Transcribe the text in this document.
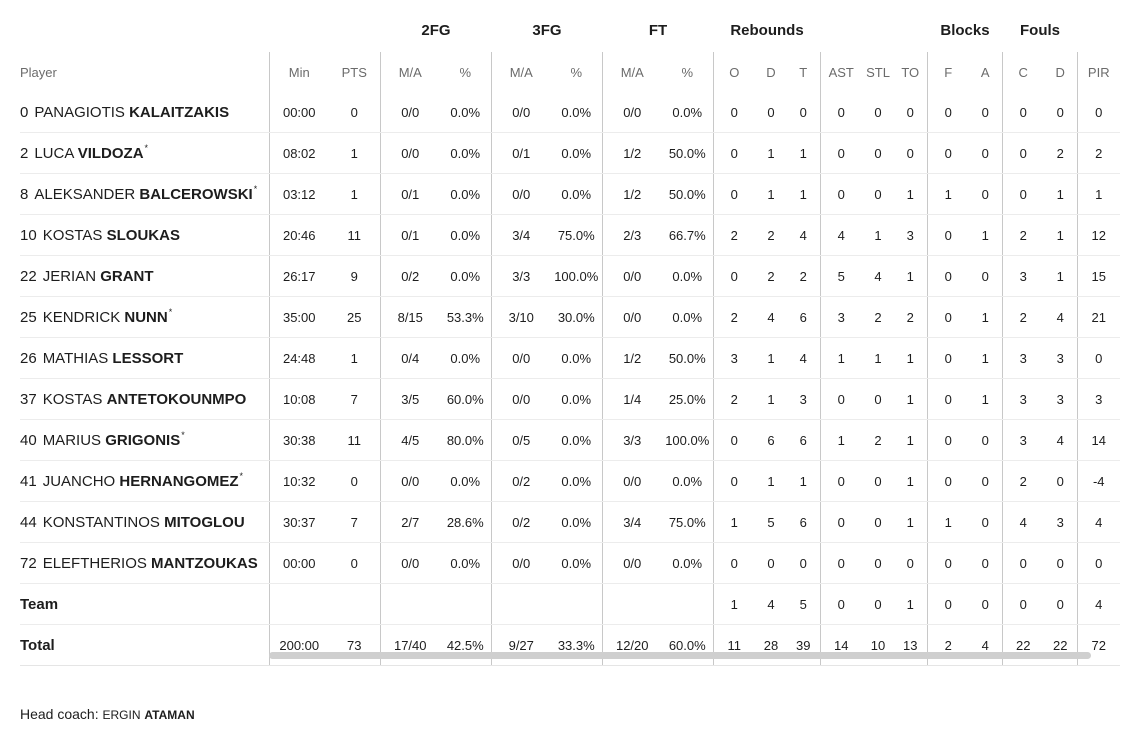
2FG	3FG	FT	Rebounds	Blocks	Fouls
Player	Min	PTS	M/A	%	M/A	%	M/A	%	O	D	T	AST	STL	TO	F	A	C	D	PIR
0 PANAGIOTIS KALAITZAKIS	00:00	0	0/0	0.0%	0/0	0.0%	0/0	0.0%	0	0	0	0	0	0	0	0	0	0	0
2 LUCA VILDOZA*	08:02	1	0/0	0.0%	0/1	0.0%	1/2	50.0%	0	1	1	0	0	0	0	0	0	2	2
8 ALEKSANDER BALCEROWSKI*	03:12	1	0/1	0.0%	0/0	0.0%	1/2	50.0%	0	1	1	0	0	1	1	0	0	1	1
10 KOSTAS SLOUKAS	20:46	11	0/1	0.0%	3/4	75.0%	2/3	66.7%	2	2	4	4	1	3	0	1	2	1	12
22 JERIAN GRANT	26:17	9	0/2	0.0%	3/3	100.0%	0/0	0.0%	0	2	2	5	4	1	0	0	3	1	15
25 KENDRICK NUNN*	35:00	25	8/15	53.3%	3/10	30.0%	0/0	0.0%	2	4	6	3	2	2	0	1	2	4	21
26 MATHIAS LESSORT	24:48	1	0/4	0.0%	0/0	0.0%	1/2	50.0%	3	1	4	1	1	1	0	1	3	3	0
37 KOSTAS ANTETOKOUNMPO	10:08	7	3/5	60.0%	0/0	0.0%	1/4	25.0%	2	1	3	0	0	1	0	1	3	3	3
40 MARIUS GRIGONIS*	30:38	11	4/5	80.0%	0/5	0.0%	3/3	100.0%	0	6	6	1	2	1	0	0	3	4	14
41 JUANCHO HERNANGOMEZ*	10:32	0	0/0	0.0%	0/2	0.0%	0/0	0.0%	0	1	1	0	0	1	0	0	2	0	-4
44 KONSTANTINOS MITOGLOU	30:37	7	2/7	28.6%	0/2	0.0%	3/4	75.0%	1	5	6	0	0	1	1	0	4	3	4
72 ELEFTHERIOS MANTZOUKAS	00:00	0	0/0	0.0%	0/0	0.0%	0/0	0.0%	0	0	0	0	0	0	0	0	0	0	0
Team									1	4	5	0	0	1	0	0	0	0	4
Total	200:00	73	17/40	42.5%	9/27	33.3%	12/20	60.0%	11	28	39	14	10	13	2	4	22	22	72
Head coach: ERGIN ATAMAN
